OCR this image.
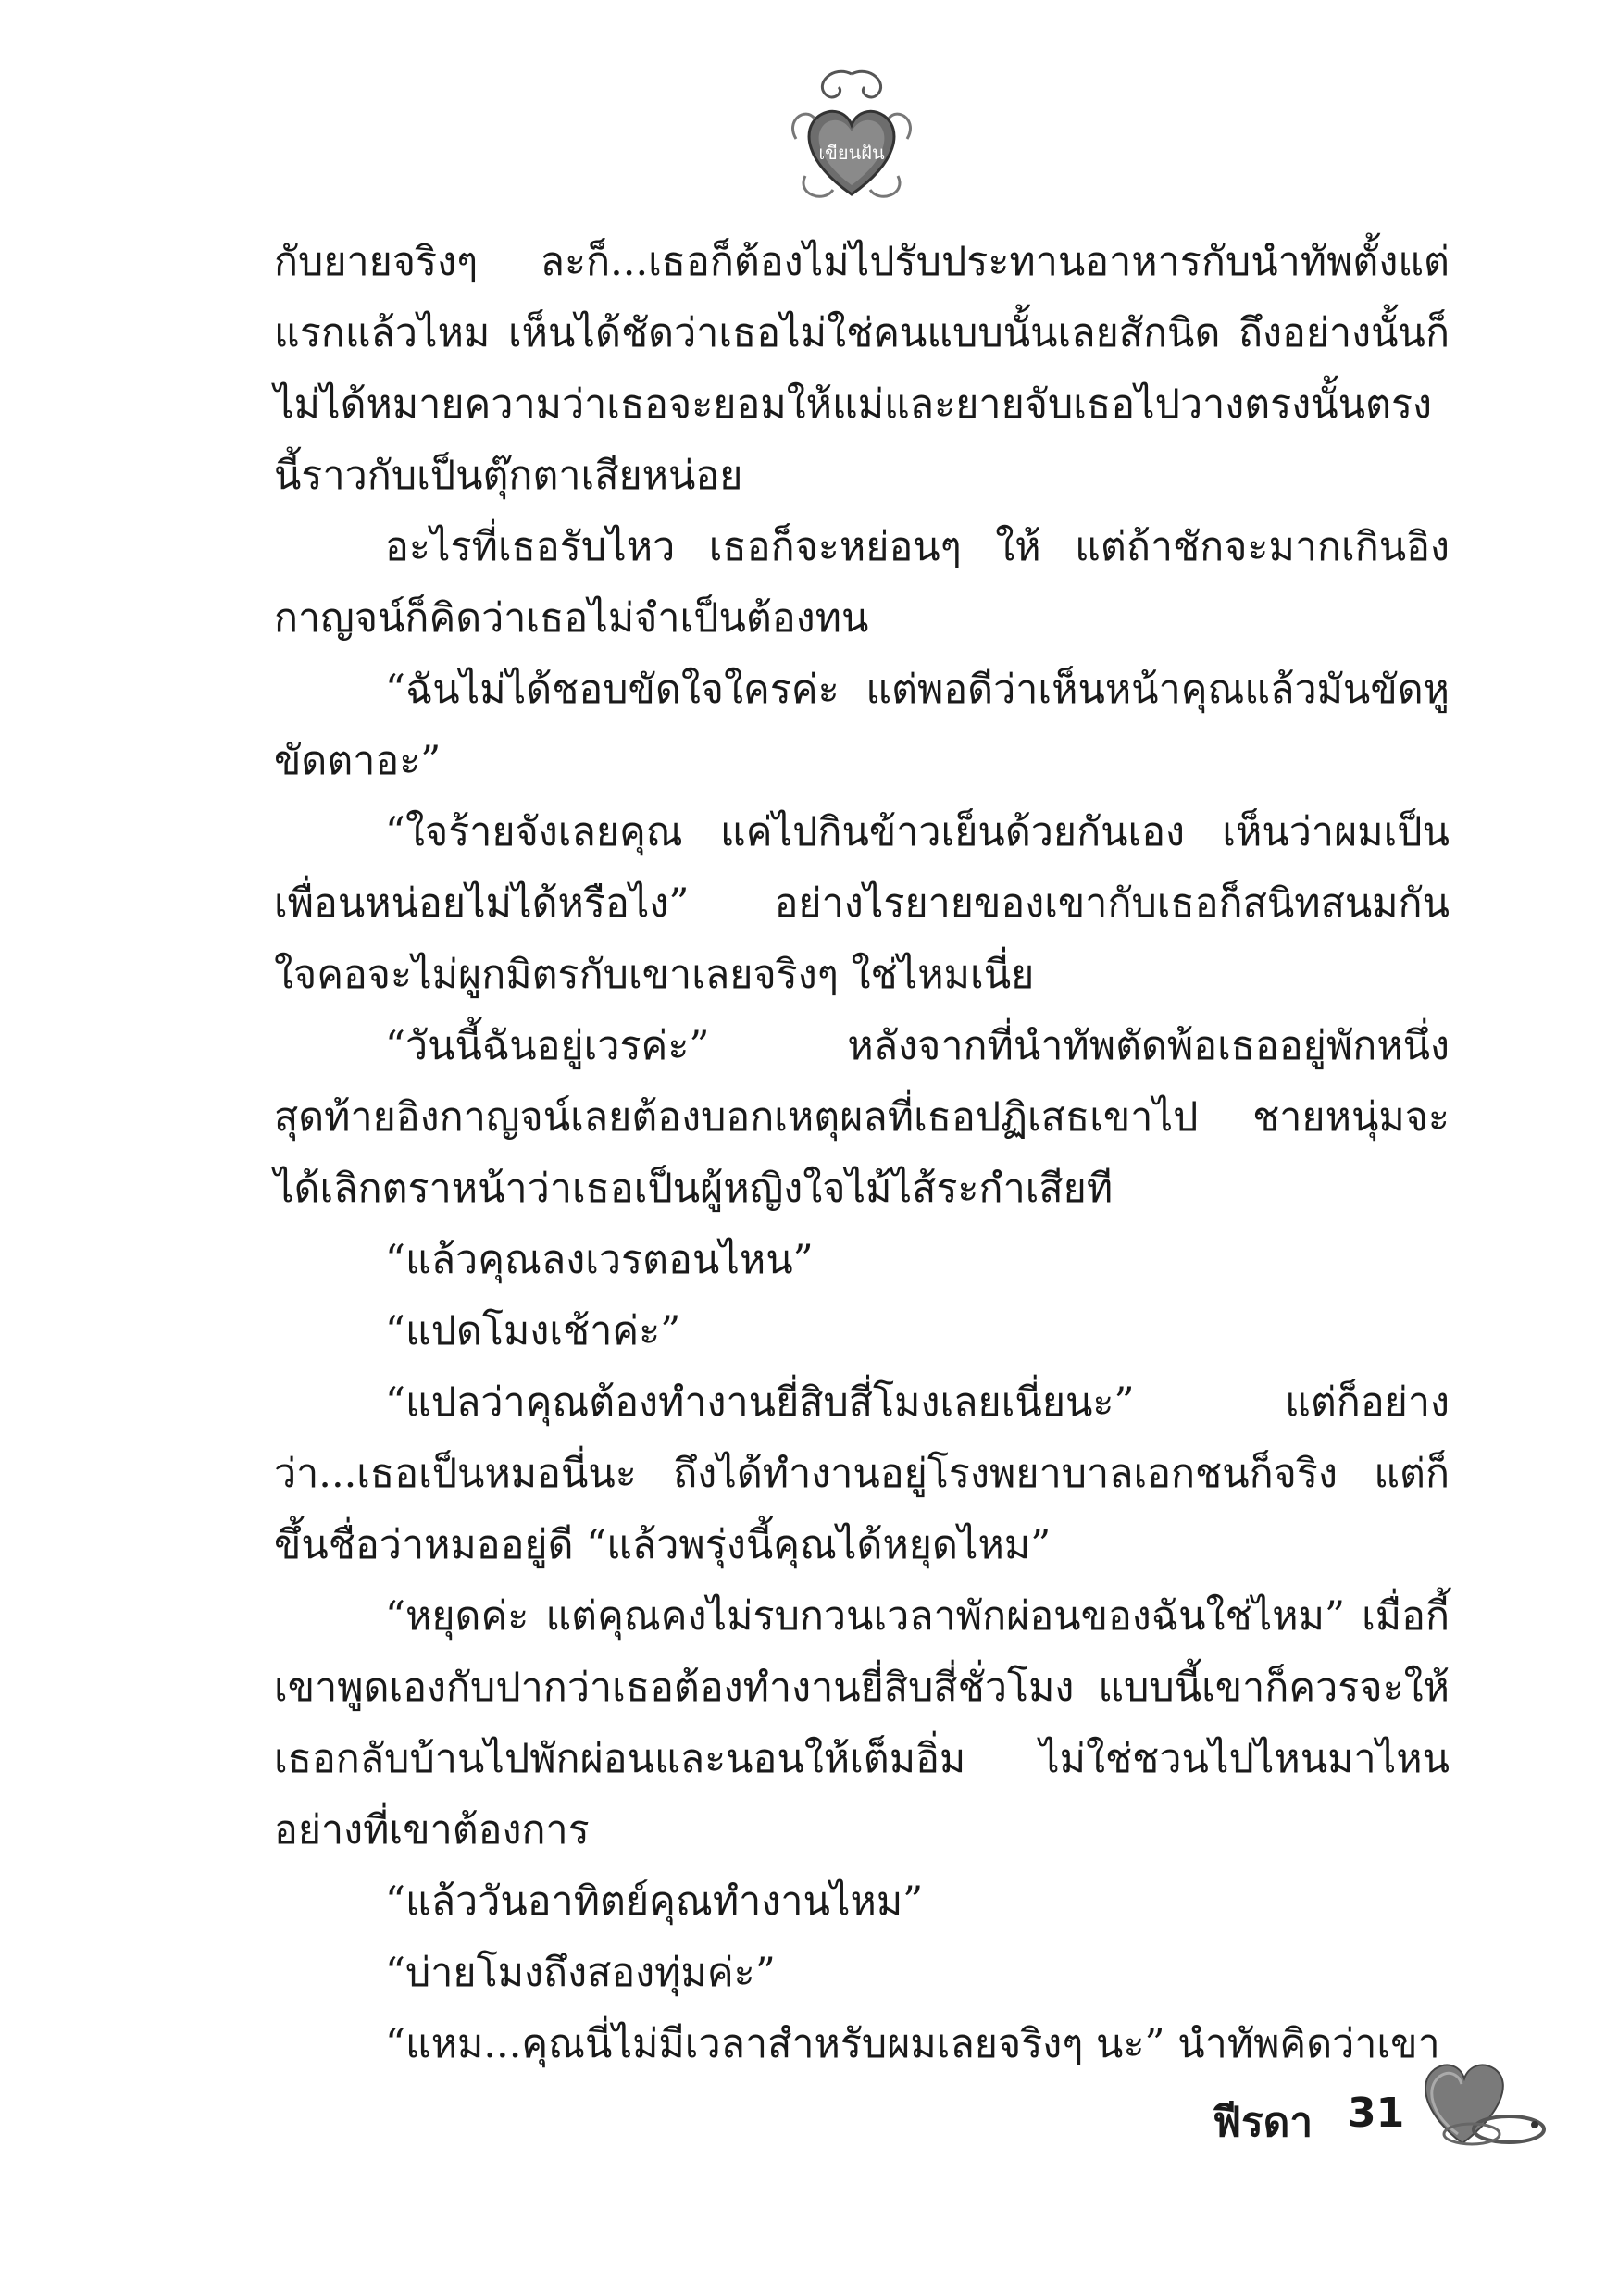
เขียนฝัน

กับยายจริงๆ ละก็...เธอก็ต้องไม่ไปรับประทานอาหารกับนำทัพตั้งแต่แรกแล้วไหม เห็นได้ชัดว่าเธอไม่ใช่คนแบบนั้นเลยสักนิด ถึงอย่างนั้นก็ไม่ได้หมายความว่าเธอจะยอมให้แม่และยายจับเธอไปวางตรงนั้นตรงนี้ราวกับเป็นตุ๊กตาเสียหน่อย

อะไรที่เธอรับไหว เธอก็จะหย่อนๆ ให้ แต่ถ้าชักจะมากเกินอิงกาญจน์ก็คิดว่าเธอไม่จำเป็นต้องทน

“ฉันไม่ได้ชอบขัดใจใครค่ะ แต่พอดีว่าเห็นหน้าคุณแล้วมันขัดหูขัดตาอะ”

“ใจร้ายจังเลยคุณ แค่ไปกินข้าวเย็นด้วยกันเอง เห็นว่าผมเป็นเพื่อนหน่อยไม่ได้หรือไง” อย่างไรยายของเขากับเธอก็สนิทสนมกัน ใจคอจะไม่ผูกมิตรกับเขาเลยจริงๆ ใช่ไหมเนี่ย

“วันนี้ฉันอยู่เวรค่ะ” หลังจากที่นำทัพตัดพ้อเธออยู่พักหนึ่ง สุดท้ายอิงกาญจน์เลยต้องบอกเหตุผลที่เธอปฏิเสธเขาไป ชายหนุ่มจะได้เลิกตราหน้าว่าเธอเป็นผู้หญิงใจไม้ไส้ระกำเสียที

“แล้วคุณลงเวรตอนไหน”

“แปดโมงเช้าค่ะ”

“แปลว่าคุณต้องทำงานยี่สิบสี่โมงเลยเนี่ยนะ” แต่ก็อย่างว่า...เธอเป็นหมอนี่นะ ถึงได้ทำงานอยู่โรงพยาบาลเอกชนก็จริง แต่ก็ขึ้นชื่อว่าหมออยู่ดี “แล้วพรุ่งนี้คุณได้หยุดไหม”

“หยุดค่ะ แต่คุณคงไม่รบกวนเวลาพักผ่อนของฉันใช่ไหม” เมื่อกี้เขาพูดเองกับปากว่าเธอต้องทำงานยี่สิบสี่ชั่วโมง แบบนี้เขาก็ควรจะให้เธอกลับบ้านไปพักผ่อนและนอนให้เต็มอิ่ม ไม่ใช่ชวนไปไหนมาไหนอย่างที่เขาต้องการ

“แล้ววันอาทิตย์คุณทำงานไหม”

“บ่ายโมงถึงสองทุ่มค่ะ”

“แหม...คุณนี่ไม่มีเวลาสำหรับผมเลยจริงๆ นะ” นำทัพคิดว่าเขา

ฟีรดา 31
